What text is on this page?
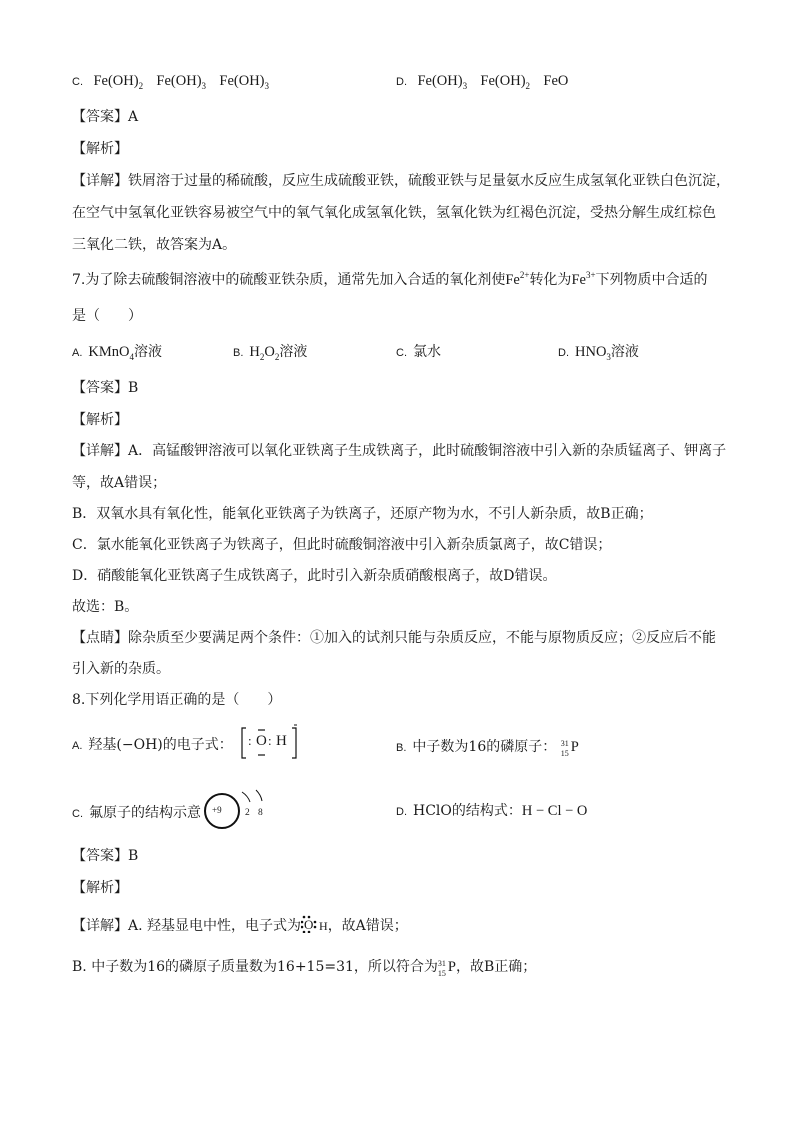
C. $Fe(OH)_2$ $Fe(OH)_3$ $Fe(OH)_3$	D. $Fe(OH)_3$ $Fe(OH)_2$ FeO
【答案】A
【解析】
【详解】铁屑溶于过量的稀硫酸，反应生成硫酸亚铁，硫酸亚铁与足量氨水反应生成氢氧化亚铁白色沉淀，
在空气中氢氧化亚铁容易被空气中的氧气氧化成氢氧化铁，氢氧化铁为红褐色沉淀，受热分解生成红棕色
三氧化二铁，故答案为A。
7.为了除去硫酸铜溶液中的硫酸亚铁杂质，通常先加入合适的氧化剂使$Fe^{2+}$转化为$Fe^{3+}$下列物质中合适的
是（　　）
A. KMnO$_4$溶液	B. $H_2O_2$溶液	C. 氯水	D. $HNO_3$溶液
【答案】B
【解析】
【详解】A．高锰酸钾溶液可以氧化亚铁离子生成铁离子，此时硫酸铜溶液中引入新的杂质锰离子、钾离子
等，故A错误；
B．双氧水具有氧化性，能氧化亚铁离子为铁离子，还原产物为水，不引人新杂质，故B正确；
C．氯水能氧化亚铁离子为铁离子，但此时硫酸铜溶液中引入新杂质氯离子，故C错误；
D．硝酸能氧化亚铁离子生成铁离子，此时引入新杂质硝酸根离子，故D错误。
故选：B。
【点睛】除杂质至少要满足两个条件：①加入的试剂只能与杂质反应，不能与原物质反应；②反应后不能
引入新的杂质。
8.下列化学用语正确的是（　　）
A. 羟基(−OH)的电子式： : O : H	B. 中子数为16的磷原子： 31
15 P
C. 氟原子的结构示意 +9 2 8	D. HClO的结构式：H − Cl − O
【答案】B
【解析】
【详解】A. 羟基显电中性，电子式为 O H，故A错误；
B. 中子数为16的磷原子质量数为16+15=31，所以符合为 31
15 P，故B正确；
